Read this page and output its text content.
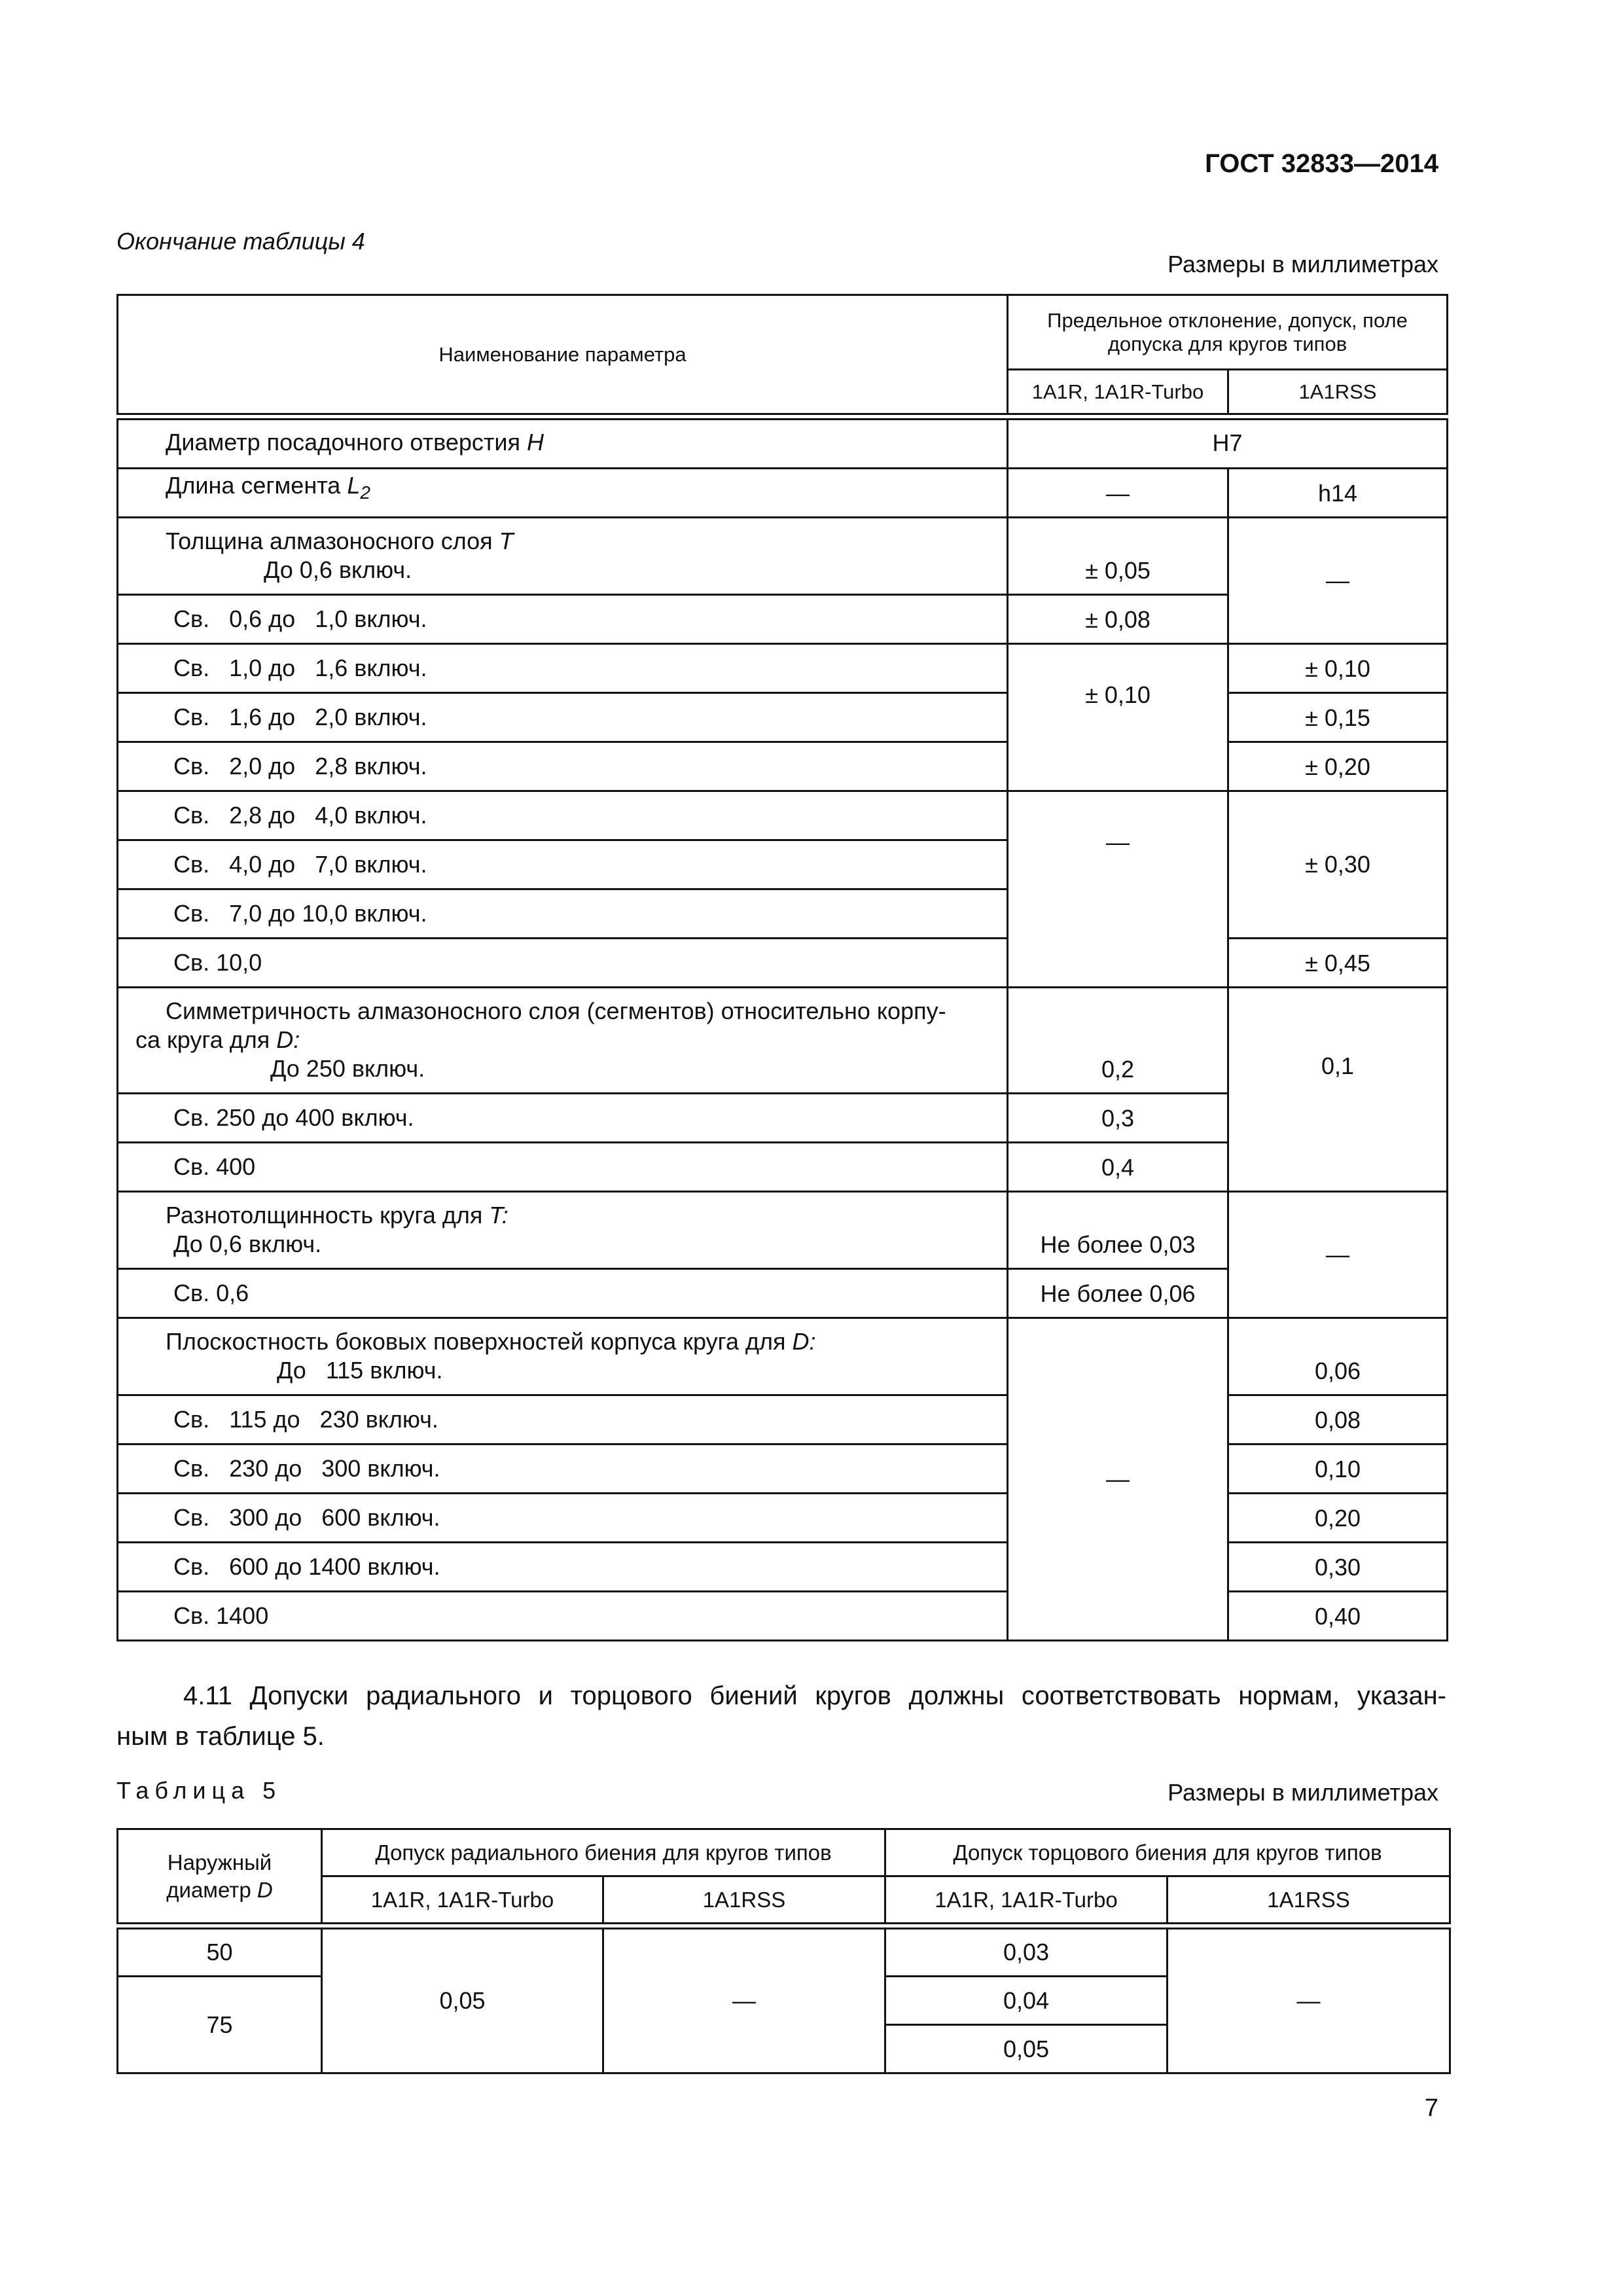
ГОСТ 32833—2014
Окончание таблицы 4
Размеры в миллиметрах
Наименование параметра	Предельное отклонение, допуск, поле допуска для кругов типов	
	1A1R, 1A1R-Turbo	1A1RSS

Диаметр посадочного отверстия H	H7	
Длина сегмента $L_2$	—	h14

Толщина алмазоносного слоя T
До 0,6 включ.	± 0,05	—
Св.   0,6 до   1,0 включ.	± 0,08	
Св.   1,0 до   1,6 включ.	± 0,10	± 0,10
Св.   1,6 до   2,0 включ.		± 0,15
Св.   2,0 до   2,8 включ.		± 0,20
Св.   2,8 до   4,0 включ.	—	± 0,30
Св.   4,0 до   7,0 включ.		
Св.   7,0 до 10,0 включ.		
Св. 10,0		± 0,45

Симметричность алмазоносного слоя (сегментов) относительно корпу-
са круга для D:
До 250 включ.	0,2	0,1
Св. 250 до 400 включ.	0,3	
Св. 400	0,4	

Разнотолщинность круга для T:
До 0,6 включ.	Не более 0,03	—
Св. 0,6	Не более 0,06	

Плоскостность боковых поверхностей корпуса круга для D:
До   115 включ.	—	0,06
Св.   115 до   230 включ.		0,08
Св.   230 до   300 включ.		0,10
Св.   300 до   600 включ.		0,20
Св.   600 до 1400 включ.		0,30
Св. 1400		0,40
4.11 Допуски радиального и торцового биений кругов должны соответствовать нормам, указан-
ным в таблице 5.
Таблица 5	Размеры в миллиметрах
Наружный
диаметр D	Допуск радиального биения для кругов типов		Допуск торцового биения для кругов типов	
	1A1R, 1A1R-Turbo	1A1RSS	1A1R, 1A1R-Turbo	1A1RSS

50	0,05	—	0,03	—
75			0,04	
			0,05	
7
